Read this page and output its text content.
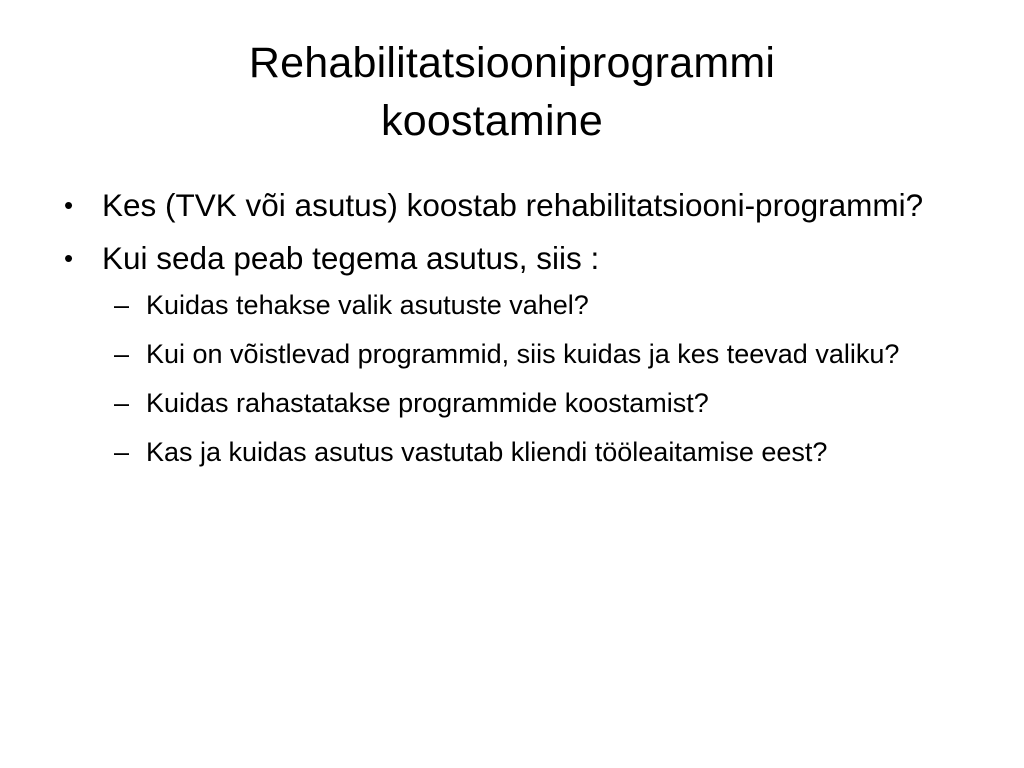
Rehabilitatsiooniprogrammi
koostamine
• Kes (TVK või asutus) koostab rehabilitatsiooni-programmi?
• Kui seda peab tegema asutus, siis :
– Kuidas tehakse valik asutuste vahel?
– Kui on võistlevad programmid, siis kuidas ja kes teevad valiku?
– Kuidas rahastatakse programmide koostamist?
– Kas ja kuidas asutus vastutab kliendi tööleaitamise eest?
